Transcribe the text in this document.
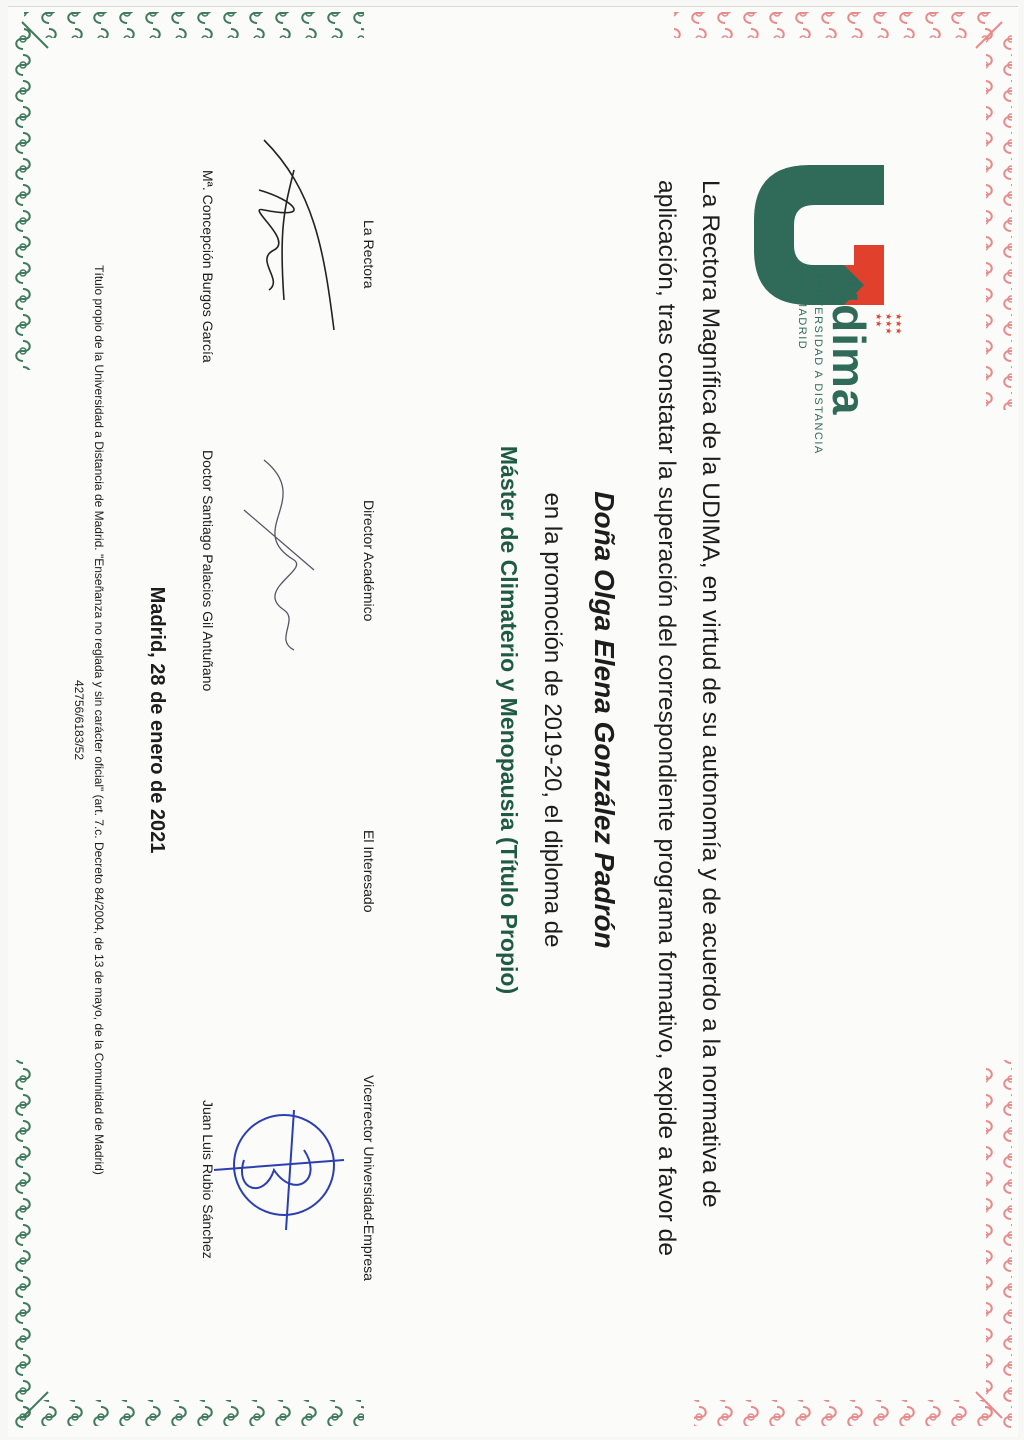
★★★
★★★
★★
udima
UNIVERSIDAD A DISTANCIA
DE MADRID
La Rectora Magnífica de la UDIMA, en virtud de su autonomía y de acuerdo a la normativa de
aplicación, tras constatar la superación del correspondiente programa formativo, expide a favor de
Doña Olga Elena González Padrón
en la promoción de 2019-20, el diploma de
Máster de Climaterio y Menopausia (Título Propio)
La Rectora
Director Académico
El Interesado
Vicerrector Universidad-Empresa
Mª. Concepción Burgos García
Doctor Santiago Palacios Gil Antuñano
Juan Luis Rubio Sánchez
Madrid, 28 de enero de 2021
Título propio de la Universidad a Distancia de Madrid. "Enseñanza no reglada y sin carácter oficial" (art. 7.c. Decreto 84/2004, de 13 de mayo, de la Comunidad de Madrid)
42756/6183/52
